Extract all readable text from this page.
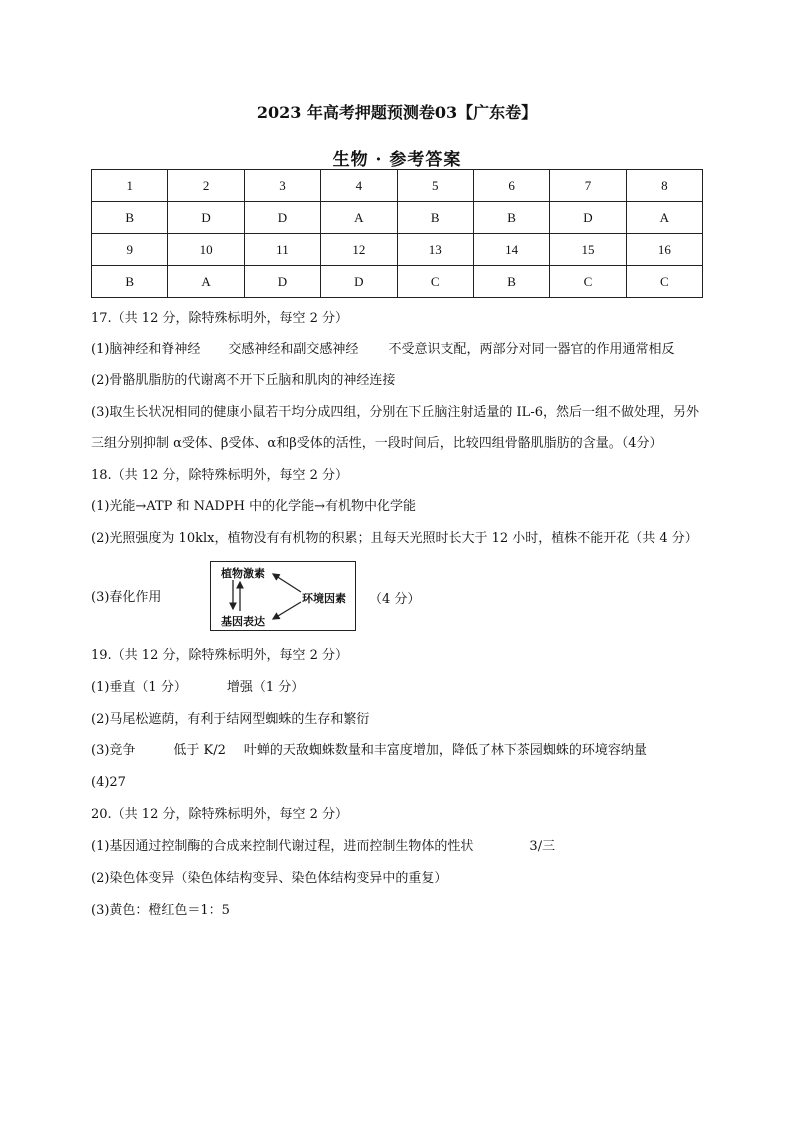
2023 年高考押题预测卷03【广东卷】
生物 · 参考答案
1	2	3	4	5	6	7	8
B	D	D	A	B	B	D	A
9	10	11	12	13	14	15	16
B	A	D	D	C	B	C	C
17.（共 12 分，除特殊标明外，每空 2 分）
(1)脑神经和脊神经 交感神经和副交感神经 不受意识支配，两部分对同一器官的作用通常相反
(2)骨骼肌脂肪的代谢离不开下丘脑和肌肉的神经连接
(3)取生长状况相同的健康小鼠若干均分成四组，分别在下丘脑注射适量的 IL-6，然后一组不做处理，另外
三组分别抑制 α受体、β受体、α和β受体的活性，一段时间后，比较四组骨骼肌脂肪的含量。（4分）
18.（共 12 分，除特殊标明外，每空 2 分）
(1)光能→ATP 和 NADPH 中的化学能→有机物中化学能
(2)光照强度为 10klx，植物没有有机物的积累；且每天光照时长大于 12 小时，植株不能开花（共 4 分）
(3)春化作用
植物激素
基因表达
环境因素 （4 分）
19.（共 12 分，除特殊标明外，每空 2 分）
(1)垂直（1 分）	增强（1 分）
(2)马尾松遮荫，有利于结网型蜘蛛的生存和繁衍
(3)竞争	低于 K/2 叶蝉的天敌蜘蛛数量和丰富度增加，降低了林下茶园蜘蛛的环境容纳量
(4)27
20.（共 12 分，除特殊标明外，每空 2 分）
(1)基因通过控制酶的合成来控制代谢过程，进而控制生物体的性状	3/三
(2)染色体变异（染色体结构变异、染色体结构变异中的重复）
(3)黄色：橙红色＝1：5
